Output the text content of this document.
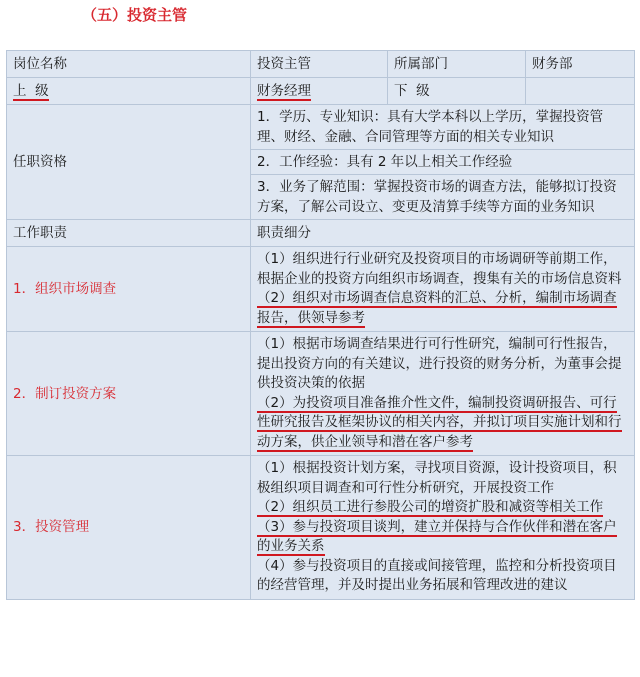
（五）投资主管
岗位名称	投资主管	所属部门	财务部
上  级	财务经理	下  级	
任职资格	1．学历、专业知识：具有大学本科以上学历，掌握投资管理、财经、金融、合同管理等方面的相关专业知识		
	2．工作经验：具有 2 年以上相关工作经验		
	3．业务了解范围：掌握投资市场的调查方法，能够拟订投资方案，了解公司设立、变更及清算手续等方面的业务知识		
工作职责	职责细分		
1．组织市场调查	（1）组织进行行业研究及投资项目的市场调研等前期工作，根据企业的投资方向组织市场调查，搜集有关的市场信息资料
（2）组织对市场调查信息资料的汇总、分析，编制市场调查报告，供领导参考		

2．制订投资方案	（1）根据市场调查结果进行可行性研究，编制可行性报告，提出投资方向的有关建议，进行投资的财务分析，为董事会提供投资决策的依据
（2）为投资项目准备推介性文件，编制投资调研报告、可行性研究报告及框架协议的相关内容，并拟订项目实施计划和行动方案，供企业领导和潜在客户参考		

3．投资管理	（1）根据投资计划方案，寻找项目资源，设计投资项目，积极组织项目调查和可行性分析研究，开展投资工作
（2）组织员工进行参股公司的增资扩股和减资等相关工作
（3）参与投资项目谈判，建立并保持与合作伙伴和潜在客户的业务关系
（4）参与投资项目的直接或间接管理，监控和分析投资项目的经营管理，并及时提出业务拓展和管理改进的建议		
